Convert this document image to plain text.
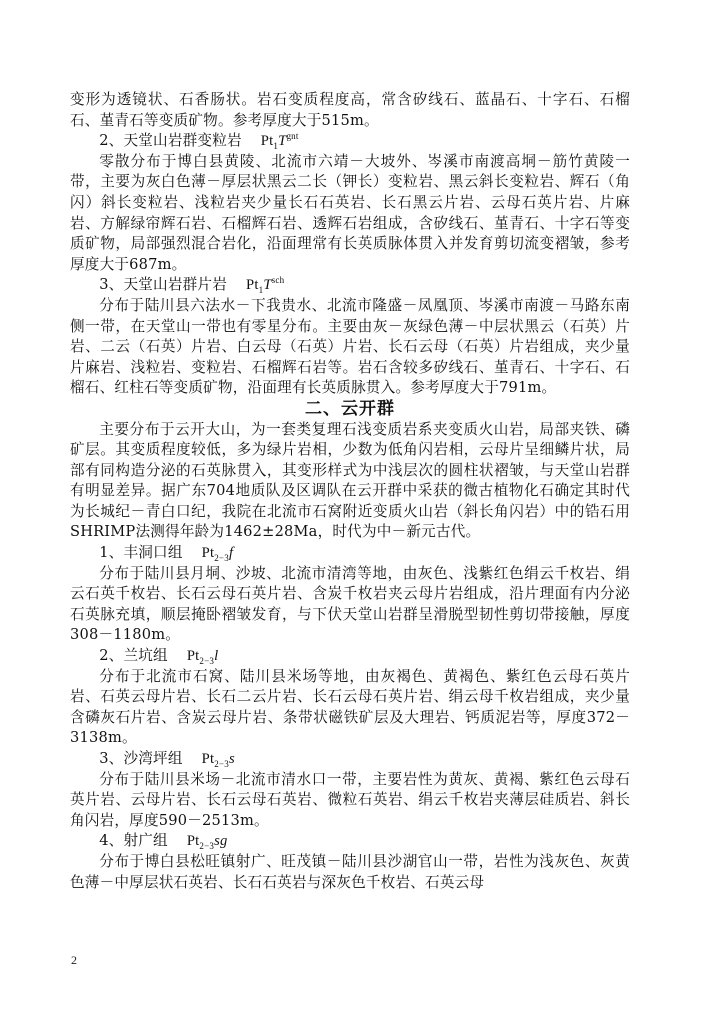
变形为透镜状、石香肠状。岩石变质程度高，常含矽线石、蓝晶石、十字石、石榴石、堇青石等变质矿物。参考厚度大于515m。

2、天堂山岩群变粒岩 $Pt_1T^{gnt}$

零散分布于博白县黄陵、北流市六靖－大坡外、岑溪市南渡高垌－筋竹黄陵一带，主要为灰白色薄－厚层状黑云二长（钾长）变粒岩、黑云斜长变粒岩、辉石（角闪）斜长变粒岩、浅粒岩夹少量长石石英岩、长石黑云片岩、云母石英片岩、片麻岩、方解绿帘辉石岩、石榴辉石岩、透辉石岩组成，含矽线石、堇青石、十字石等变质矿物，局部强烈混合岩化，沿面理常有长英质脉体贯入并发育剪切流变褶皱，参考厚度大于687m。

3、天堂山岩群片岩 $Pt_1T^{sch}$

分布于陆川县六法水－下我贵水、北流市隆盛－凤凰顶、岑溪市南渡－马路东南侧一带，在天堂山一带也有零星分布。主要由灰－灰绿色薄－中层状黑云（石英）片岩、二云（石英）片岩、白云母（石英）片岩、长石云母（石英）片岩组成，夹少量片麻岩、浅粒岩、变粒岩、石榴辉石岩等。岩石含较多矽线石、堇青石、十字石、石榴石、红柱石等变质矿物，沿面理有长英质脉贯入。参考厚度大于791m。

二、云开群

主要分布于云开大山，为一套类复理石浅变质岩系夹变质火山岩，局部夹铁、磷矿层。其变质程度较低，多为绿片岩相，少数为低角闪岩相，云母片呈细鳞片状，局部有同构造分泌的石英脉贯入，其变形样式为中浅层次的圆柱状褶皱，与天堂山岩群有明显差异。据广东704地质队及区调队在云开群中采获的微古植物化石确定其时代为长城纪－青白口纪，我院在北流市石窝附近变质火山岩（斜长角闪岩）中的锆石用SHRIMP法测得年龄为1462±28Ma，时代为中－新元古代。

1、丰洞口组 $Pt_{2-3}f$

分布于陆川县月垌、沙坡、北流市清湾等地，由灰色、浅紫红色绢云千枚岩、绢云石英千枚岩、长石云母石英片岩、含炭千枚岩夹云母片岩组成，沿片理面有内分泌石英脉充填，顺层掩卧褶皱发育，与下伏天堂山岩群呈滑脱型韧性剪切带接触，厚度308－1180m。

2、兰坑组 $Pt_{2-3}l$

分布于北流市石窝、陆川县米场等地，由灰褐色、黄褐色、紫红色云母石英片岩、石英云母片岩、长石二云片岩、长石云母石英片岩、绢云母千枚岩组成，夹少量含磷灰石片岩、含炭云母片岩、条带状磁铁矿层及大理岩、钙质泥岩等，厚度372－3138m。

3、沙湾坪组 $Pt_{2-3}s$

分布于陆川县米场－北流市清水口一带，主要岩性为黄灰、黄褐、紫红色云母石英片岩、云母片岩、长石云母石英岩、微粒石英岩、绢云千枚岩夹薄层硅质岩、斜长角闪岩，厚度590－2513m。

4、射广组 $Pt_{2-3}sg$

分布于博白县松旺镇射广、旺茂镇－陆川县沙湖官山一带，岩性为浅灰色、灰黄色薄－中厚层状石英岩、长石石英岩与深灰色千枚岩、石英云母

2
